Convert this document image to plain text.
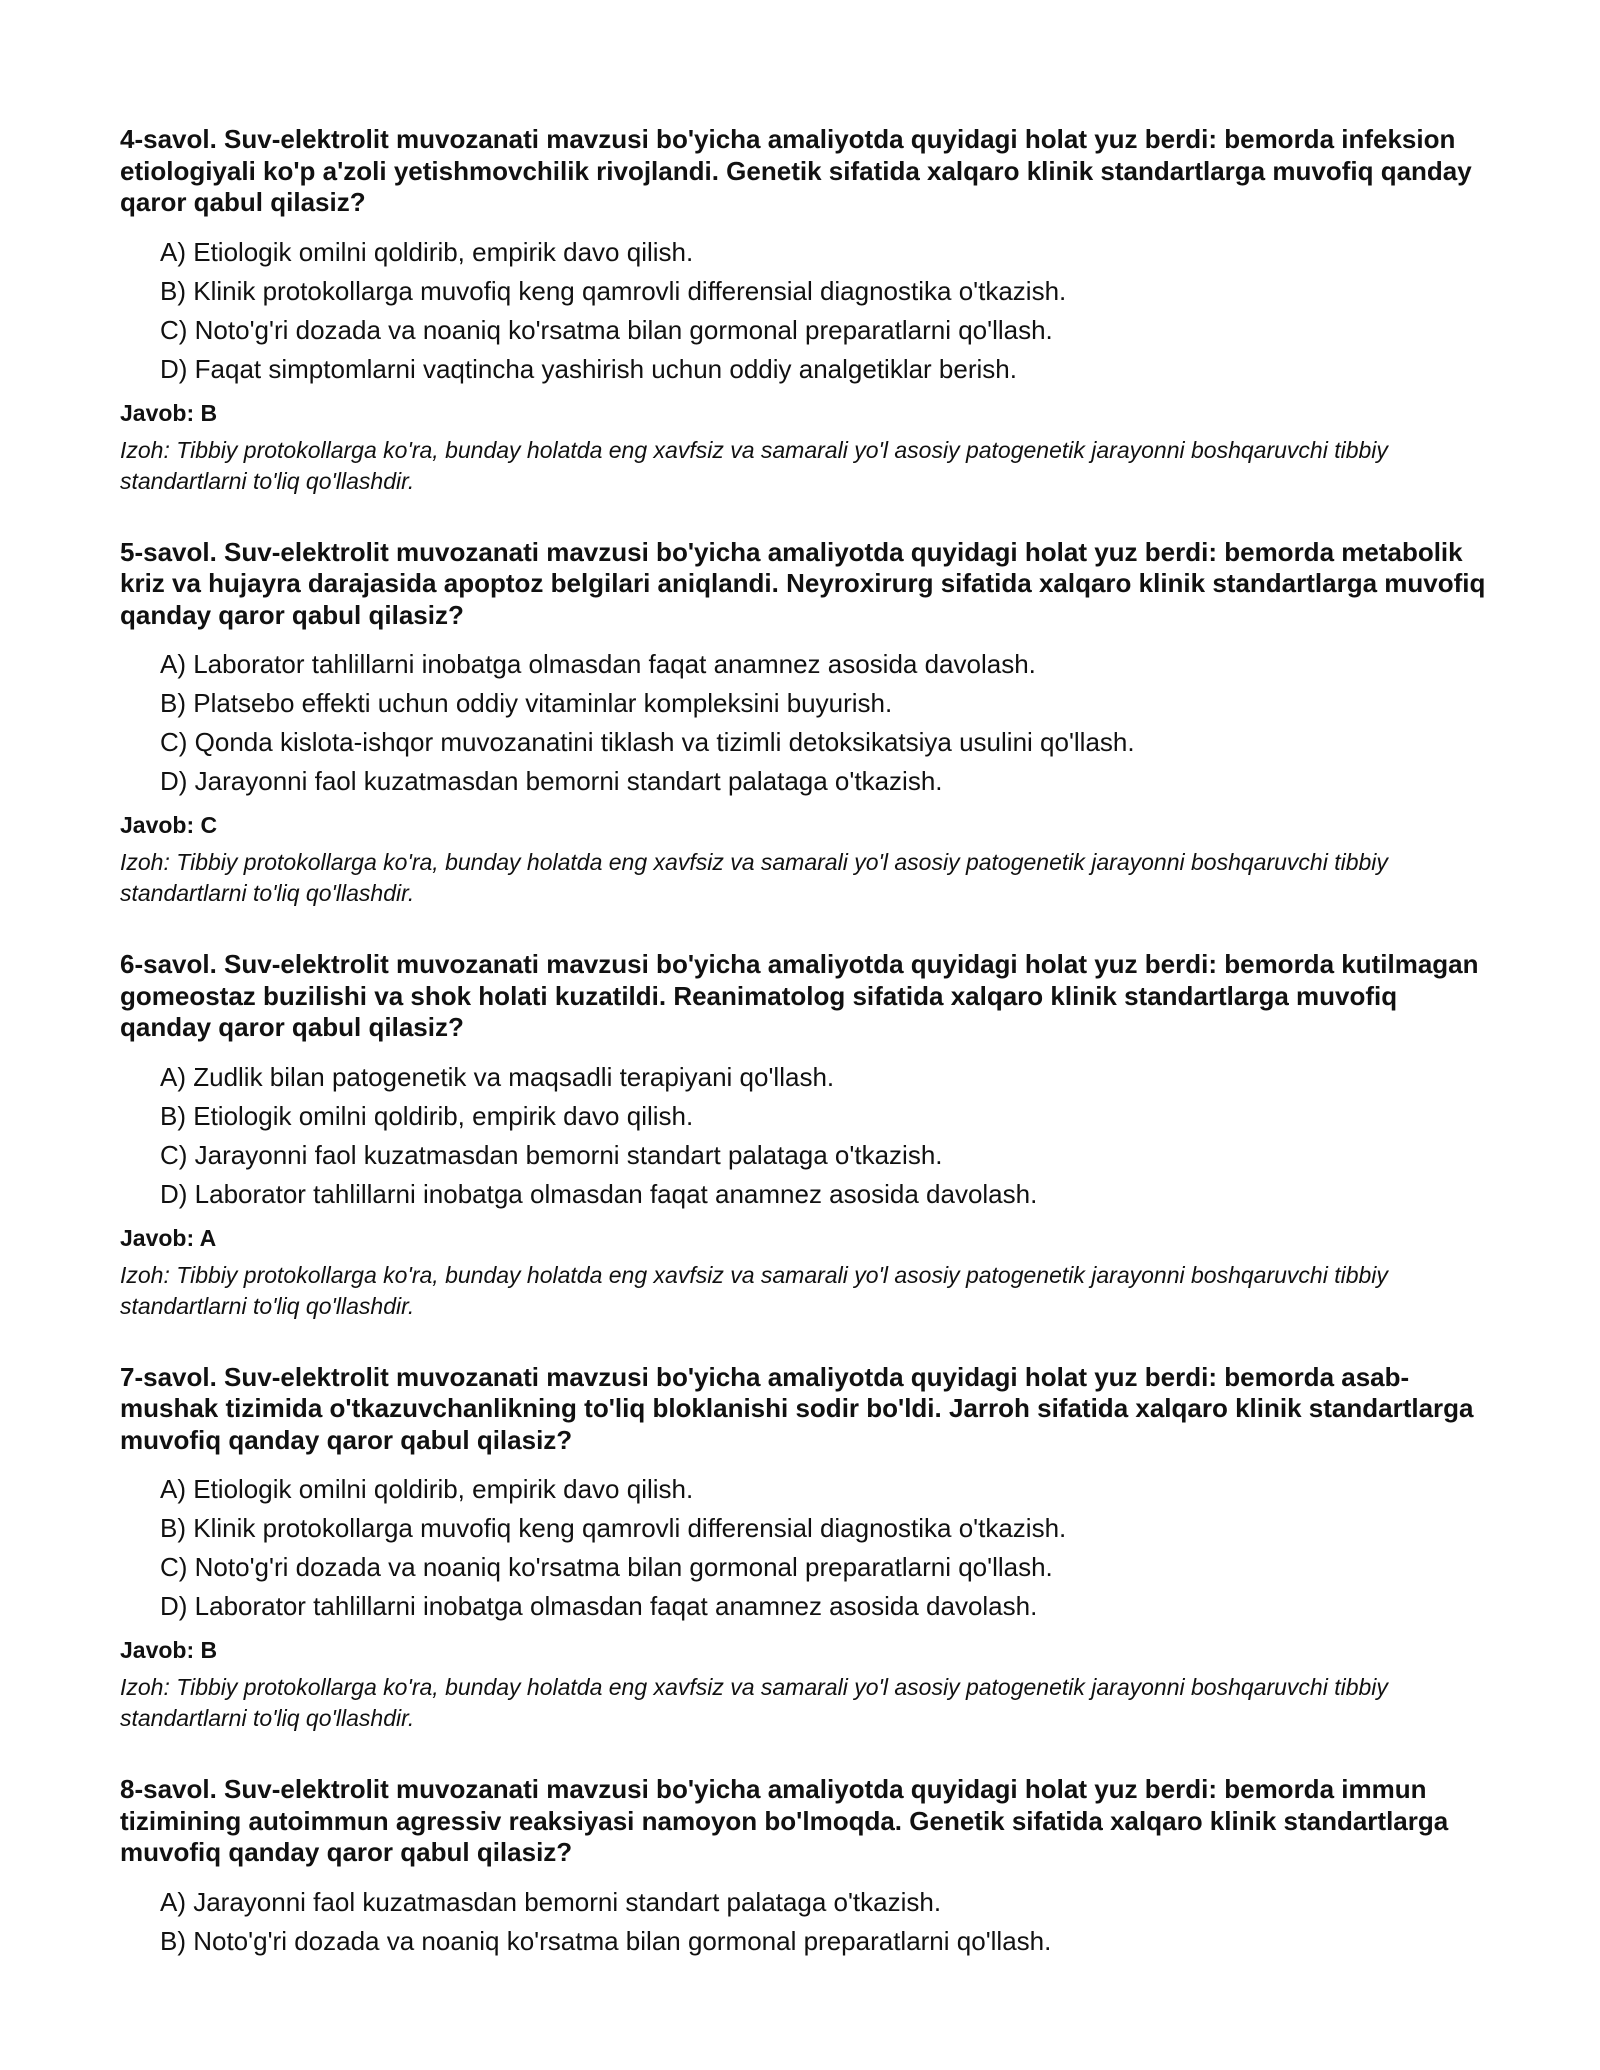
4-savol. Suv-elektrolit muvozanati mavzusi bo'yicha amaliyotda quyidagi holat yuz berdi: bemorda infeksion etiologiyali ko'p a'zoli yetishmovchilik rivojlandi. Genetik sifatida xalqaro klinik standartlarga muvofiq qanday qaror qabul qilasiz?

A) Etiologik omilni qoldirib, empirik davo qilish.
B) Klinik protokollarga muvofiq keng qamrovli differensial diagnostika o'tkazish.
C) Noto'g'ri dozada va noaniq ko'rsatma bilan gormonal preparatlarni qo'llash.
D) Faqat simptomlarni vaqtincha yashirish uchun oddiy analgetiklar berish.

Javob: B

Izoh: Tibbiy protokollarga ko'ra, bunday holatda eng xavfsiz va samarali yo'l asosiy patogenetik jarayonni boshqaruvchi tibbiy standartlarni to'liq qo'llashdir.

5-savol. Suv-elektrolit muvozanati mavzusi bo'yicha amaliyotda quyidagi holat yuz berdi: bemorda metabolik kriz va hujayra darajasida apoptoz belgilari aniqlandi. Neyroxirurg sifatida xalqaro klinik standartlarga muvofiq qanday qaror qabul qilasiz?

A) Laborator tahlillarni inobatga olmasdan faqat anamnez asosida davolash.
B) Platsebo effekti uchun oddiy vitaminlar kompleksini buyurish.
C) Qonda kislota-ishqor muvozanatini tiklash va tizimli detoksikatsiya usulini qo'llash.
D) Jarayonni faol kuzatmasdan bemorni standart palataga o'tkazish.

Javob: C

Izoh: Tibbiy protokollarga ko'ra, bunday holatda eng xavfsiz va samarali yo'l asosiy patogenetik jarayonni boshqaruvchi tibbiy standartlarni to'liq qo'llashdir.

6-savol. Suv-elektrolit muvozanati mavzusi bo'yicha amaliyotda quyidagi holat yuz berdi: bemorda kutilmagan gomeostaz buzilishi va shok holati kuzatildi. Reanimatolog sifatida xalqaro klinik standartlarga muvofiq qanday qaror qabul qilasiz?

A) Zudlik bilan patogenetik va maqsadli terapiyani qo'llash.
B) Etiologik omilni qoldirib, empirik davo qilish.
C) Jarayonni faol kuzatmasdan bemorni standart palataga o'tkazish.
D) Laborator tahlillarni inobatga olmasdan faqat anamnez asosida davolash.

Javob: A

Izoh: Tibbiy protokollarga ko'ra, bunday holatda eng xavfsiz va samarali yo'l asosiy patogenetik jarayonni boshqaruvchi tibbiy standartlarni to'liq qo'llashdir.

7-savol. Suv-elektrolit muvozanati mavzusi bo'yicha amaliyotda quyidagi holat yuz berdi: bemorda asab-mushak tizimida o'tkazuvchanlikning to'liq bloklanishi sodir bo'ldi. Jarroh sifatida xalqaro klinik standartlarga muvofiq qanday qaror qabul qilasiz?

A) Etiologik omilni qoldirib, empirik davo qilish.
B) Klinik protokollarga muvofiq keng qamrovli differensial diagnostika o'tkazish.
C) Noto'g'ri dozada va noaniq ko'rsatma bilan gormonal preparatlarni qo'llash.
D) Laborator tahlillarni inobatga olmasdan faqat anamnez asosida davolash.

Javob: B

Izoh: Tibbiy protokollarga ko'ra, bunday holatda eng xavfsiz va samarali yo'l asosiy patogenetik jarayonni boshqaruvchi tibbiy standartlarni to'liq qo'llashdir.

8-savol. Suv-elektrolit muvozanati mavzusi bo'yicha amaliyotda quyidagi holat yuz berdi: bemorda immun tizimining autoimmun agressiv reaksiyasi namoyon bo'lmoqda. Genetik sifatida xalqaro klinik standartlarga muvofiq qanday qaror qabul qilasiz?

A) Jarayonni faol kuzatmasdan bemorni standart palataga o'tkazish.
B) Noto'g'ri dozada va noaniq ko'rsatma bilan gormonal preparatlarni qo'llash.
